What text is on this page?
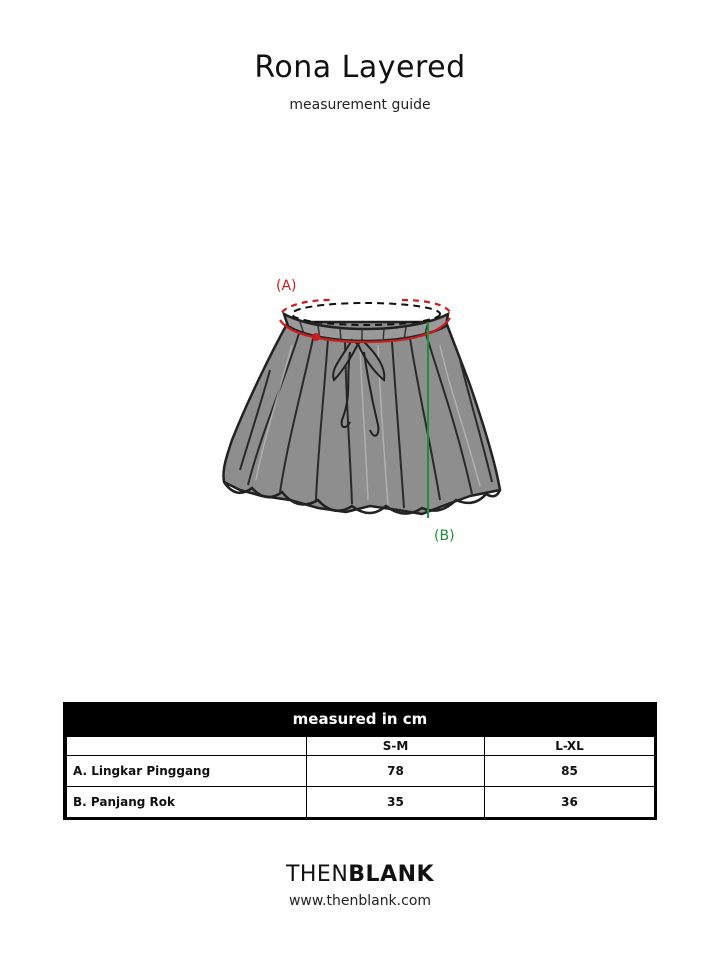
Rona Layered
measurement guide
(A)
(B)
measured in cm
	S-M	L-XL
A. Lingkar Pinggang	78	85
B. Panjang Rok	35	36
THENBLANK
www.thenblank.com
